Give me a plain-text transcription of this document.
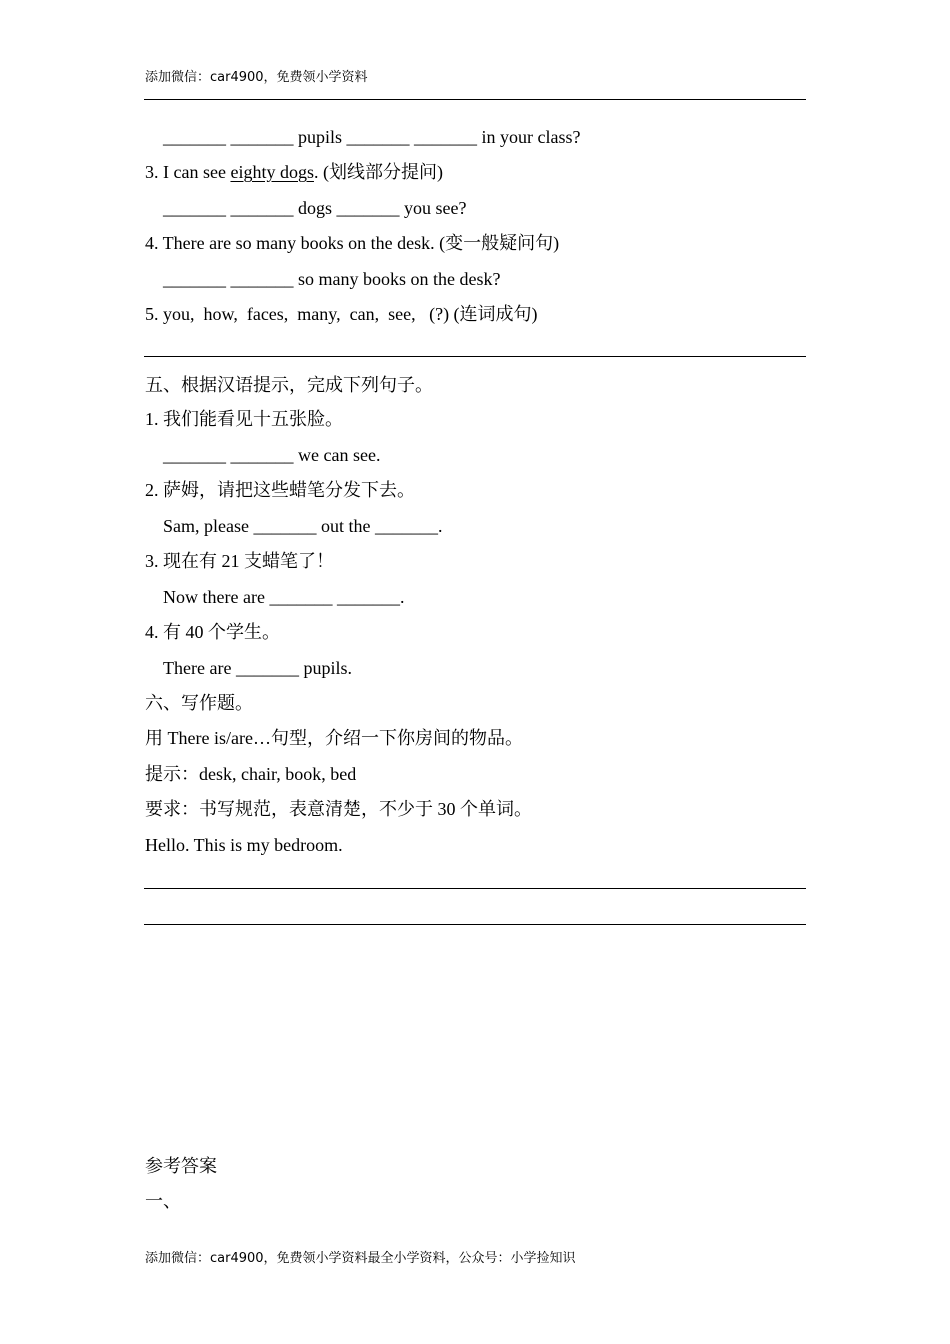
添加微信：car4900，免费领小学资料
_______ _______ pupils _______ _______ in your class?
3. I can see eighty dogs. (划线部分提问)
_______ _______ dogs _______ you see?
4. There are so many books on the desk. (变一般疑问句)
_______ _______ so many books on the desk?
5. you,  how,  faces,  many,  can,  see,   (?) (连词成句)
五、根据汉语提示，完成下列句子。
1. 我们能看见十五张脸。
_______ _______ we can see.
2. 萨姆，请把这些蜡笔分发下去。
Sam, please _______ out the _______.
3. 现在有 21 支蜡笔了！
Now there are _______ _______.
4. 有 40 个学生。
There are _______ pupils.
六、写作题。
用 There is/are…句型，介绍一下你房间的物品。
提示：desk, chair, book, bed
要求：书写规范，表意清楚，不少于 30 个单词。
Hello. This is my bedroom.
参考答案
一、
添加微信：car4900，免费领小学资料最全小学资料，公众号：小学捡知识
